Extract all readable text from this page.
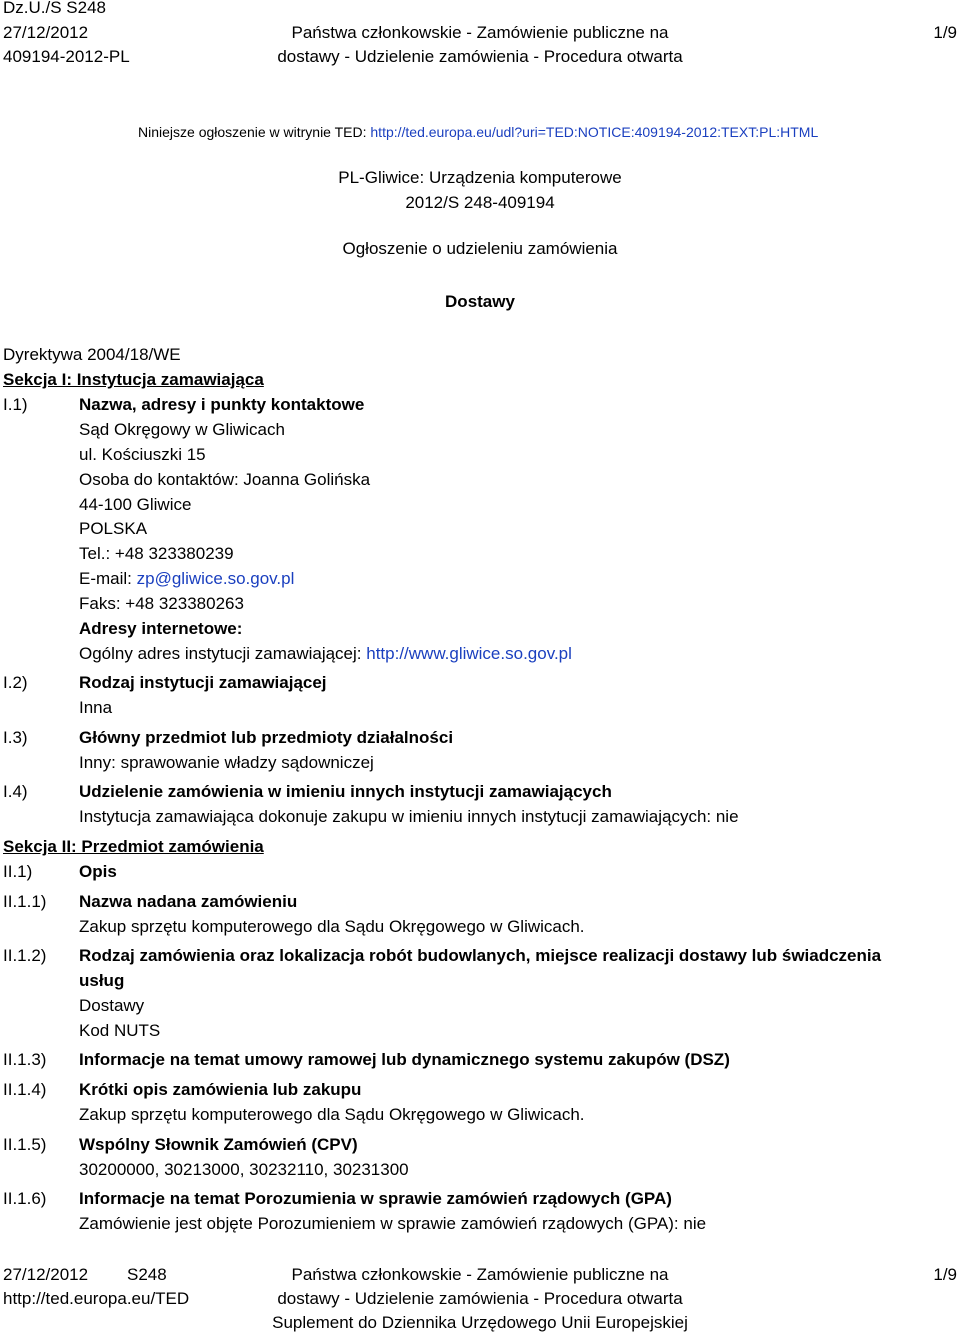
Dz.U./S S248
27/12/2012
409194-2012-PL
Państwa członkowskie - Zamówienie publiczne na
dostawy - Udzielenie zamówienia - Procedura otwarta
1/9
Niniejsze ogłoszenie w witrynie TED: http://ted.europa.eu/udl?uri=TED:NOTICE:409194-2012:TEXT:PL:HTML
PL-Gliwice: Urządzenia komputerowe
2012/S 248-409194
Ogłoszenie o udzieleniu zamówienia
Dostawy
Dyrektywa 2004/18/WE
Sekcja I: Instytucja zamawiająca
I.1)	Nazwa, adresy i punkty kontaktowe
Sąd Okręgowy w Gliwicach
ul. Kościuszki 15
Osoba do kontaktów: Joanna Golińska
44-100 Gliwice
POLSKA
Tel.: +48 323380239
E-mail: zp@gliwice.so.gov.pl
Faks: +48 323380263
Adresy internetowe:
Ogólny adres instytucji zamawiającej: http://www.gliwice.so.gov.pl
I.2)	Rodzaj instytucji zamawiającej
Inna
I.3)	Główny przedmiot lub przedmioty działalności
Inny: sprawowanie władzy sądowniczej
I.4)	Udzielenie zamówienia w imieniu innych instytucji zamawiających
Instytucja zamawiająca dokonuje zakupu w imieniu innych instytucji zamawiających: nie
Sekcja II: Przedmiot zamówienia
II.1)	Opis
II.1.1) Nazwa nadana zamówieniu
Zakup sprzętu komputerowego dla Sądu Okręgowego w Gliwicach.
II.1.2) Rodzaj zamówienia oraz lokalizacja robót budowlanych, miejsce realizacji dostawy lub świadczenia
usług
Dostawy
Kod NUTS
II.1.3) Informacje na temat umowy ramowej lub dynamicznego systemu zakupów (DSZ)
II.1.4) Krótki opis zamówienia lub zakupu
Zakup sprzętu komputerowego dla Sądu Okręgowego w Gliwicach.
II.1.5) Wspólny Słownik Zamówień (CPV)
30200000, 30213000, 30232110, 30231300
II.1.6) Informacje na temat Porozumienia w sprawie zamówień rządowych (GPA)
Zamówienie jest objęte Porozumieniem w sprawie zamówień rządowych (GPA): nie
27/12/2012 S248
http://ted.europa.eu/TED
Państwa członkowskie - Zamówienie publiczne na
dostawy - Udzielenie zamówienia - Procedura otwarta
Suplement do Dziennika Urzędowego Unii Europejskiej
1/9
